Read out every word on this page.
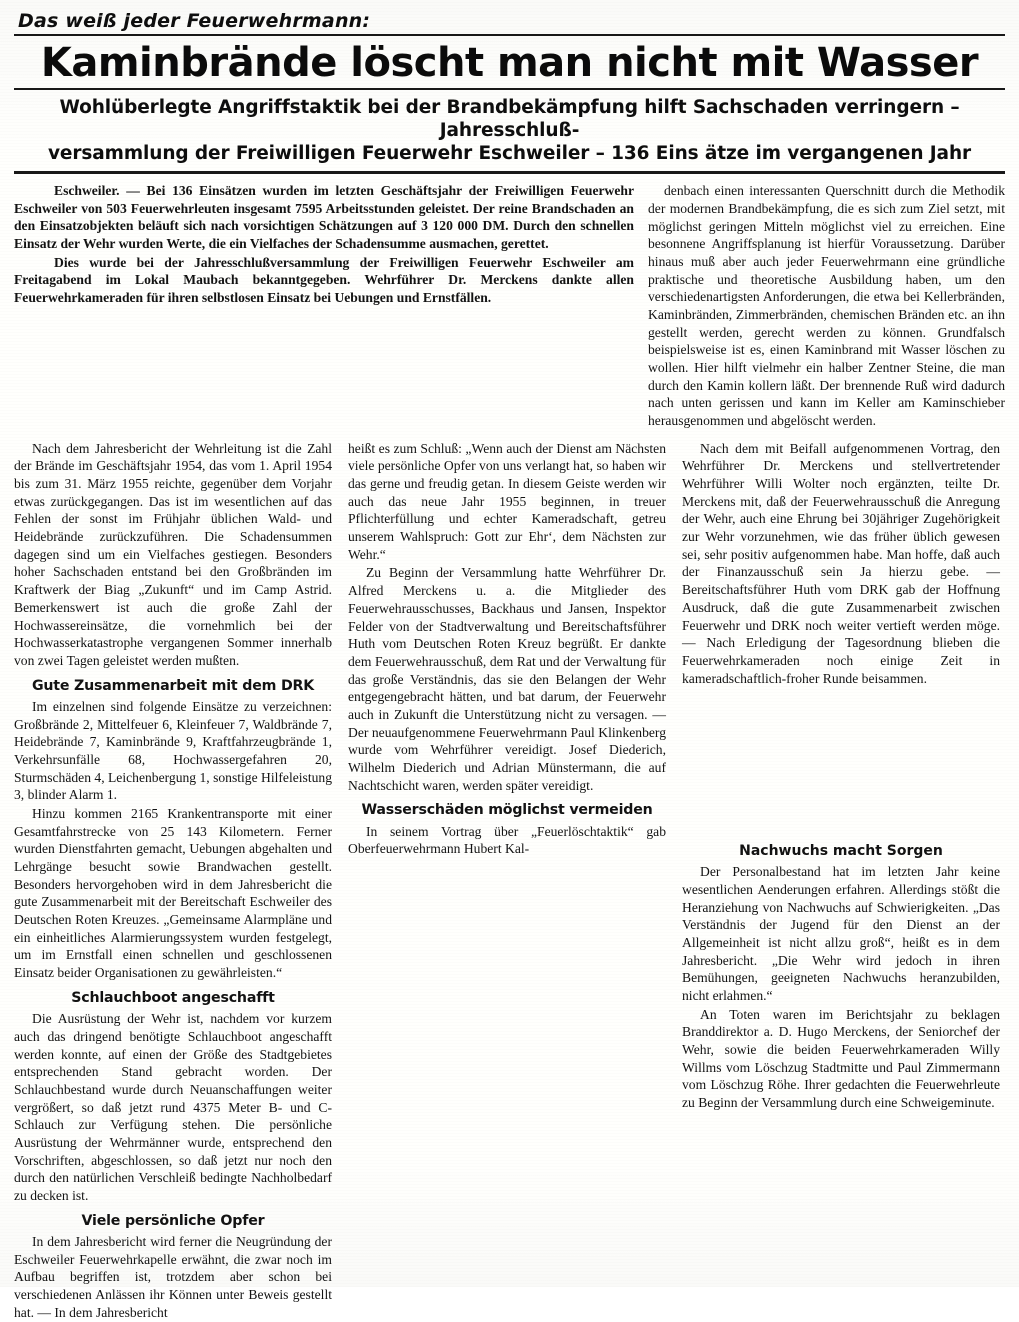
Das weiß jeder Feuerwehrmann:
Kaminbrände löscht man nicht mit Wasser
Wohlüberlegte Angriffstaktik bei der Brandbekämpfung hilft Sachschaden verringern – Jahresschluß-
versammlung der Freiwilligen Feuerwehr Eschweiler – 136 Eins ätze im vergangenen Jahr

Eschweiler. — Bei 136 Einsätzen wurden im letzten Geschäftsjahr der Freiwilligen Feuerwehr Eschweiler von 503 Feuerwehrleuten insgesamt 7595 Arbeitsstunden geleistet. Der reine Brandschaden an den Einsatzobjekten beläuft sich nach vorsichtigen Schätzungen auf 3 120 000 DM. Durch den schnellen Einsatz der Wehr wurden Werte, die ein Vielfaches der Schadensumme ausmachen, gerettet.

Dies wurde bei der Jahresschlußversammlung der Freiwilligen Feuerwehr Eschweiler am Freitagabend im Lokal Maubach bekanntgegeben. Wehrführer Dr. Merckens dankte allen Feuerwehrkameraden für ihren selbstlosen Einsatz bei Uebungen und Ernstfällen.

denbach einen interessanten Querschnitt durch die Methodik der modernen Brandbekämpfung, die es sich zum Ziel setzt, mit möglichst geringen Mitteln möglichst viel zu erreichen. Eine besonnene Angriffsplanung ist hierfür Voraussetzung. Darüber hinaus muß aber auch jeder Feuerwehrmann eine gründliche praktische und theoretische Ausbildung haben, um den verschiedenartigsten Anforderungen, die etwa bei Kellerbränden, Kaminbränden, Zimmerbränden, chemischen Bränden etc. an ihn gestellt werden, gerecht werden zu können. Grundfalsch beispielsweise ist es, einen Kaminbrand mit Wasser löschen zu wollen. Hier hilft vielmehr ein halber Zentner Steine, die man durch den Kamin kollern läßt. Der brennende Ruß wird dadurch nach unten gerissen und kann im Keller am Kaminschieber herausgenommen und abgelöscht werden.

Nach dem Jahresbericht der Wehrleitung ist die Zahl der Brände im Geschäftsjahr 1954, das vom 1. April 1954 bis zum 31. März 1955 reichte, gegenüber dem Vorjahr etwas zurückgegangen. Das ist im wesentlichen auf das Fehlen der sonst im Frühjahr üblichen Wald- und Heidebrände zurückzuführen. Die Schadensummen dagegen sind um ein Vielfaches gestiegen. Besonders hoher Sachschaden entstand bei den Großbränden im Kraftwerk der Biag „Zukunft“ und im Camp Astrid. Bemerkenswert ist auch die große Zahl der Hochwassereinsätze, die vornehmlich bei der Hochwasserkatastrophe vergangenen Sommer innerhalb von zwei Tagen geleistet werden mußten.

Gute Zusammenarbeit mit dem DRK

Im einzelnen sind folgende Einsätze zu verzeichnen: Großbrände 2, Mittelfeuer 6, Kleinfeuer 7, Waldbrände 7, Heidebrände 7, Kaminbrände 9, Kraftfahrzeugbrände 1, Verkehrsunfälle 68, Hochwassergefahren 20, Sturmschäden 4, Leichenbergung 1, sonstige Hilfeleistung 3, blinder Alarm 1.

Hinzu kommen 2165 Krankentransporte mit einer Gesamtfahrstrecke von 25 143 Kilometern. Ferner wurden Dienstfahrten gemacht, Uebungen abgehalten und Lehrgänge besucht sowie Brandwachen gestellt. Besonders hervorgehoben wird in dem Jahresbericht die gute Zusammenarbeit mit der Bereitschaft Eschweiler des Deutschen Roten Kreuzes. „Gemeinsame Alarmpläne und ein einheitliches Alarmierungssystem wurden festgelegt, um im Ernstfall einen schnellen und geschlossenen Einsatz beider Organisationen zu gewährleisten.“

Schlauchboot angeschafft

Die Ausrüstung der Wehr ist, nachdem vor kurzem auch das dringend benötigte Schlauchboot angeschafft werden konnte, auf einen der Größe des Stadtgebietes entsprechenden Stand gebracht worden. Der Schlauchbestand wurde durch Neuanschaffungen weiter vergrößert, so daß jetzt rund 4375 Meter B- und C-Schlauch zur Verfügung stehen. Die persönliche Ausrüstung der Wehrmänner wurde, entsprechend den Vorschriften, abgeschlossen, so daß jetzt nur noch den durch den natürlichen Verschleiß bedingte Nachholbedarf zu decken ist.

Viele persönliche Opfer

In dem Jahresbericht wird ferner die Neugründung der Eschweiler Feuerwehrkapelle erwähnt, die zwar noch im Aufbau begriffen ist, trotzdem aber schon bei verschiedenen Anlässen ihr Können unter Beweis gestellt hat. — In dem Jahresbericht

heißt es zum Schluß: „Wenn auch der Dienst am Nächsten viele persönliche Opfer von uns verlangt hat, so haben wir das gerne und freudig getan. In diesem Geiste werden wir auch das neue Jahr 1955 beginnen, in treuer Pflichterfüllung und echter Kameradschaft, getreu unserem Wahlspruch: Gott zur Ehr‘, dem Nächsten zur Wehr.“

Zu Beginn der Versammlung hatte Wehrführer Dr. Alfred Merckens u. a. die Mitglieder des Feuerwehrausschusses, Backhaus und Jansen, Inspektor Felder von der Stadtverwaltung und Bereitschaftsführer Huth vom Deutschen Roten Kreuz begrüßt. Er dankte dem Feuerwehrausschuß, dem Rat und der Verwaltung für das große Verständnis, das sie den Belangen der Wehr entgegengebracht hätten, und bat darum, der Feuerwehr auch in Zukunft die Unterstützung nicht zu versagen. — Der neuaufgenommene Feuerwehrmann Paul Klinkenberg wurde vom Wehrführer vereidigt. Josef Diederich, Wilhelm Diederich und Adrian Münstermann, die auf Nachtschicht waren, werden später vereidigt.

Wasserschäden möglichst vermeiden

In seinem Vortrag über „Feuerlöschtaktik“ gab Oberfeuerwehrmann Hubert Kal-

Nach dem mit Beifall aufgenommenen Vortrag, den Wehrführer Dr. Merckens und stellvertretender Wehrführer Willi Wolter noch ergänzten, teilte Dr. Merckens mit, daß der Feuerwehrausschuß die Anregung der Wehr, auch eine Ehrung bei 30jähriger Zugehörigkeit zur Wehr vorzunehmen, wie das früher üblich gewesen sei, sehr positiv aufgenommen habe. Man hoffe, daß auch der Finanzausschuß sein Ja hierzu gebe. — Bereitschaftsführer Huth vom DRK gab der Hoffnung Ausdruck, daß die gute Zusammenarbeit zwischen Feuerwehr und DRK noch weiter vertieft werden möge. — Nach Erledigung der Tagesordnung blieben die Feuerwehrkameraden noch einige Zeit in kameradschaftlich-froher Runde beisammen.

Nachwuchs macht Sorgen

Der Personalbestand hat im letzten Jahr keine wesentlichen Aenderungen erfahren. Allerdings stößt die Heranziehung von Nachwuchs auf Schwierigkeiten. „Das Verständnis der Jugend für den Dienst an der Allgemeinheit ist nicht allzu groß“, heißt es in dem Jahresbericht. „Die Wehr wird jedoch in ihren Bemühungen, geeigneten Nachwuchs heranzubilden, nicht erlahmen.“

An Toten waren im Berichtsjahr zu beklagen Branddirektor a. D. Hugo Merckens, der Seniorchef der Wehr, sowie die beiden Feuerwehrkameraden Willy Willms vom Löschzug Stadtmitte und Paul Zimmermann vom Löschzug Röhe. Ihrer gedachten die Feuerwehrleute zu Beginn der Versammlung durch eine Schweigeminute.
